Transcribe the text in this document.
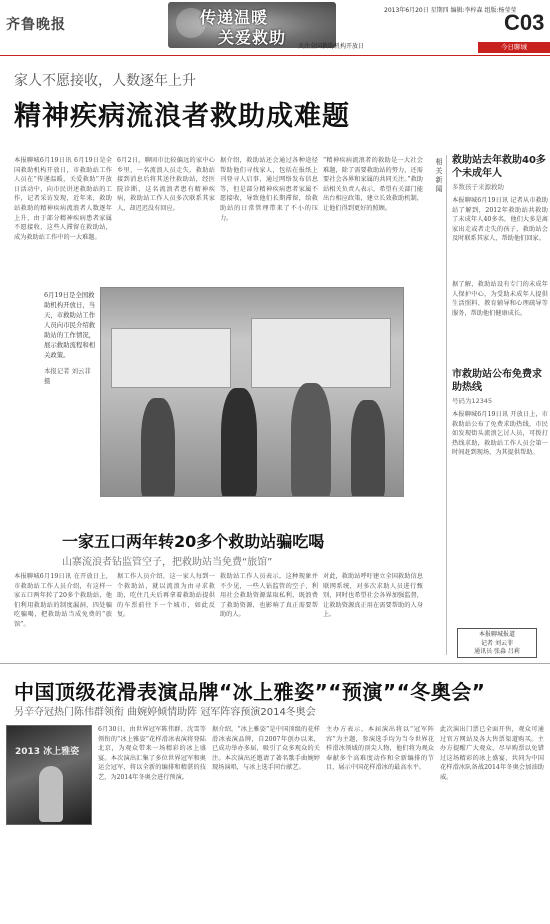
齐鲁晚报	传递温暖
关爱救助 关注全国救助机构开放日
2013年6月20日 星期四 编辑:李梓森 组版:杨莹莹
C03
今日聊城
家人不愿接收，人数逐年上升
精神疾病流浪者救助成难题
本报聊城6月19日讯 6月19日是全国救助机构开放日，市救助站工作人员在“传递温暖，关爱救助”开放日活动中，向市民讲述救助站的工作，记者采访发现，近年来，救助站救助的精神疾病流浪者人数逐年上升，由于部分精神疾病患者家属不愿接收，这些人滞留在救助站，成为救助站工作中的一大难题。
6月2日，聊固市比较偏远的家中心乡里，一名流浪人员走失，救助站接到消息后将其送往救助站，经医院诊断，这名流浪者患有精神疾病，救助站工作人员多次联系其家人，却迟迟没有回应。
据介绍，救助站还会通过各种途径帮助他们寻找家人，包括在报纸上刊登寻人启事，通过网络发布信息等，但是部分精神疾病患者家属不愿接收，导致他们长期滞留，给救助站的日常管理带来了不小的压力。
“精神疾病流浪者的救助是一大社会难题，除了需要救助站的努力，还需要社会各界和家属的共同关注。”救助站相关负责人表示，希望有关部门能出台相应政策，建立长效救助机制，让他们得到更好的照顾。
6月19日是全国救助机构开放日，当天，市救助站工作人员向市民介绍救助站的工作情况，展示救助流程和相关政策。
本报记者 刘云菲 摄
一家五口两年转20多个救助站骗吃喝
山寨流浪者钻监管空子，把救助站当免费“旅馆”
本报聊城6月19日讯 在开放日上，市救助站工作人员介绍，有这样一家五口两年转了20多个救助站，他们利用救助站的制度漏洞，四处骗吃骗喝，把救助站当成免费的“旅馆”。
据工作人员介绍，这一家人每到一个救助站，就以流浪为由寻求救助，吃住几天后再拿着救助站提供的车票前往下一个城市，如此反复。
救助站工作人员表示，这种现象并不少见，一些人钻监管的空子，利用社会救助资源谋取私利，既浪费了救助资源，也影响了真正需要帮助的人。
对此，救助站呼吁建立全国救助信息联网系统，对多次求助人员进行甄别，同时也希望社会各界加强监督，让救助资源真正用在需要帮助的人身上。
相关新闻
救助站去年救助40多个未成年人
多数孩子来源救助
本报聊城6月19日讯 记者从市救助站了解到，2012年救助站共救助了未成年人40多名，他们大多是离家出走或者走失的孩子，救助站会及时联系其家人，帮助他们回家。
据了解，救助站设有专门的未成年人保护中心，为受助未成年人提供生活照料、教育辅导和心理疏导等服务，帮助他们健康成长。
市救助站公布免费求助热线
号码为12345
本报聊城6月19日讯 开放日上，市救助站公布了免费求助热线，市民如发现街头流浪乞讨人员，可拨打热线求助，救助站工作人员会第一时间赶到现场，为其提供帮助。
本报聊城报道
记者 刘云菲
通讯员 张淼 吕莉
中国顶级花滑表演品牌“冰上雅姿”“预演”“冬奥会”
另辛夺冠热门陈伟群领衔 曲婉婷倾情助阵 冠军阵容预演2014冬奥会
2013 冰上雅姿
6月30日，由世界冠军陈伟群、沈雪等领衔的“冰上雅姿”花样滑冰表演将登陆北京，为观众带来一场精彩的冰上盛宴。本次演出汇集了多位世界冠军和奥运会冠军，将以全新的编排和精湛的技艺，为2014年冬奥会进行预演。
据介绍，“冰上雅姿”是中国顶级的花样滑冰表演品牌，自2007年创办以来，已成功举办多届，吸引了众多观众的关注。本次演出还邀请了著名歌手曲婉婷现场演唱，与冰上选手同台献艺。
主办方表示，本届演出将以“冠军阵容”为主题，参演选手均为当今世界花样滑冰领域的顶尖人物，他们将为观众奉献多个高难度动作和全新编排的节目，展示中国花样滑冰的最高水平。
此次演出门票已全面开售，观众可通过官方网站及各大售票渠道购买。主办方提醒广大观众，尽早购票以免错过这场精彩的冰上盛宴，共同为中国花样滑冰队备战2014年冬奥会加油助威。
